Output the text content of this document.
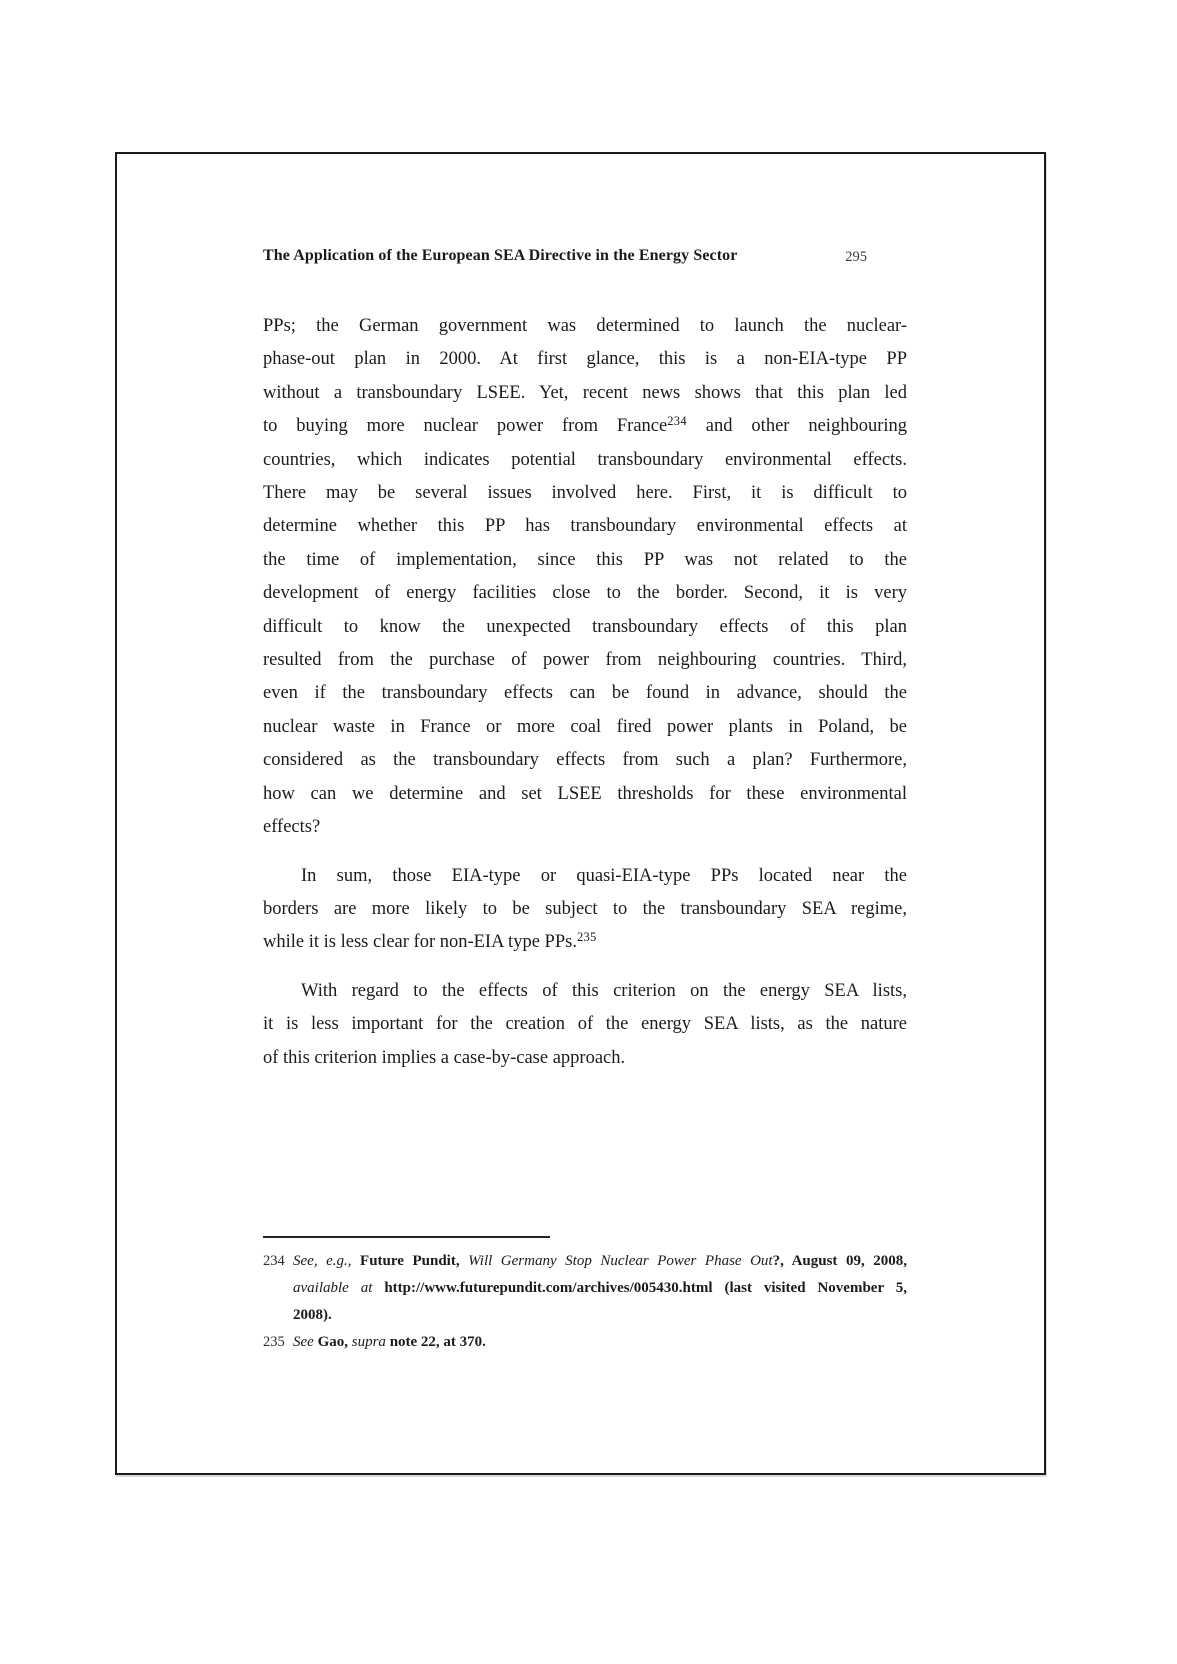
The Application of the European SEA Directive in the Energy Sector	295
PPs; the German government was determined to launch the nuclear-
phase-out plan in 2000. At first glance, this is a non-EIA-type PP
without a transboundary LSEE. Yet, recent news shows that this plan led
to buying more nuclear power from France$^{234}$ and other neighbouring
countries, which indicates potential transboundary environmental effects.
There may be several issues involved here. First, it is difficult to
determine whether this PP has transboundary environmental effects at
the time of implementation, since this PP was not related to the
development of energy facilities close to the border. Second, it is very
difficult to know the unexpected transboundary effects of this plan
resulted from the purchase of power from neighbouring countries. Third,
even if the transboundary effects can be found in advance, should the
nuclear waste in France or more coal fired power plants in Poland, be
considered as the transboundary effects from such a plan? Furthermore,
how can we determine and set LSEE thresholds for these environmental
effects?
In sum, those EIA-type or quasi-EIA-type PPs located near the
borders are more likely to be subject to the transboundary SEA regime,
while it is less clear for non-EIA type PPs.$^{235}$
With regard to the effects of this criterion on the energy SEA lists,
it is less important for the creation of the energy SEA lists, as the nature
of this criterion implies a case-by-case approach.
234 See, e.g., Future Pundit, Will Germany Stop Nuclear Power Phase Out?, August 09, 2008,
available at http://www.futurepundit.com/archives/005430.html (last visited November 5,
2008).
235 See Gao, supra note 22, at 370.
